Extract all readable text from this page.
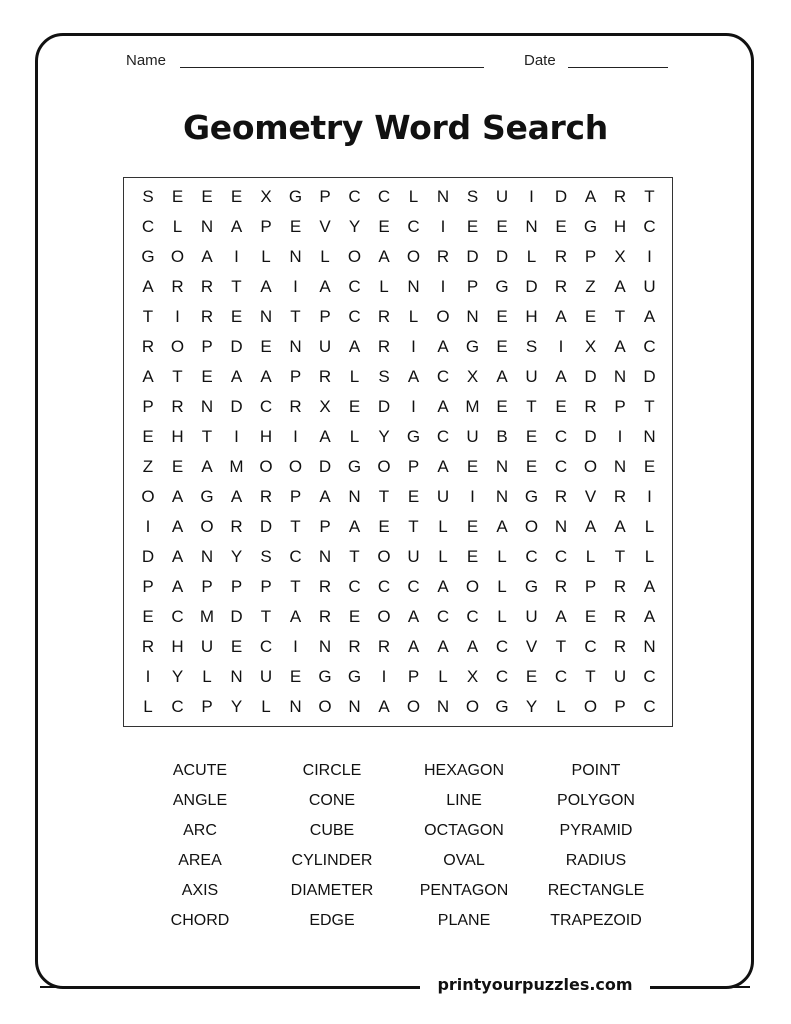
Name	Date
Geometry Word Search
S	E	E	E	X	G	P	C	C	L	N	S	U	I	D	A	R	T
C	L	N	A	P	E	V	Y	E	C	I	E	E	N	E	G H	C
G O	A	I	L	N	L	O	A	O R	D	D	L	R	P	X	I
A	R	R	T	A	I	A	C	L	N	I	P	G D	R	Z	A	U
T	I	R	E	N	T	P	C	R	L	O N	E	H	A	E	T	A
R O	P	D	E	N	U	A	R	I	A	G	E	S	I	X	A	C
A	T	E	A	A	P	R	L	S	A	C	X	A	U	A	D	N	D
P	R	N	D	C	R	X	E	D	I	A M E	T	E	R	P	T
E	H	T	I	H	I	A	L	Y	G C	U	B	E	C	D	I	N
Z	E	A M O O D G O	P	A	E	N	E	C O N	E
O	A	G	A	R	P	A	N	T	E	U	I	N G R	V	R	I
I	A	O R	D	T	P	A	E	T	L	E	A	O N	A	A	L
D	A	N	Y	S	C	N	T	O U	L	E	L	C	C	L	T	L
P	A	P	P	P	T	R	C	C	C	A	O	L	G R	P	R	A
E	C M D	T	A	R	E	O	A	C	C	L	U	A	E	R	A
R	H	U	E	C	I	N	R	R	A	A	A	C	V	T	C	R	N
I	Y	L	N	U	E	G G	I	P	L	X	C	E	C	T	U	C
L	C	P	Y	L	N O N	A	O N O G	Y	L	O	P	C
ACUTE
ANGLE
ARC
AREA
AXIS
CHORD
CIRCLE
CONE
CUBE
CYLINDER
DIAMETER
EDGE
HEXAGON
LINE
OCTAGON
OVAL
PENTAGON
PLANE
POINT
POLYGON
PYRAMID
RADIUS
RECTANGLE
TRAPEZOID
printyourpuzzles.com
